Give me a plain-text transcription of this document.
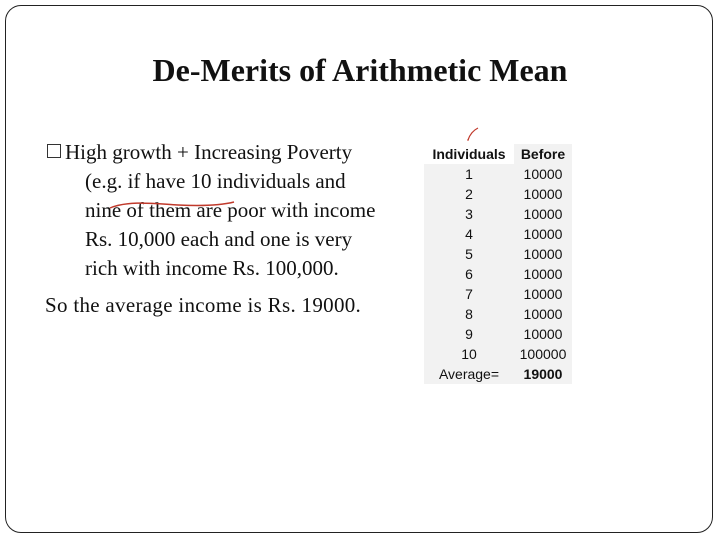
De-Merits of Arithmetic Mean
High growth + Increasing Poverty
(e.g. if have 10 individuals and
nine of them are poor with income
Rs. 10,000 each and one is very
rich with income Rs. 100,000.
So the average income is Rs. 19000.
Individuals	Before
1	10000
2	10000
3	10000
4	10000
5	10000
6	10000
7	10000
8	10000
9	10000
10	100000
Average=	19000
